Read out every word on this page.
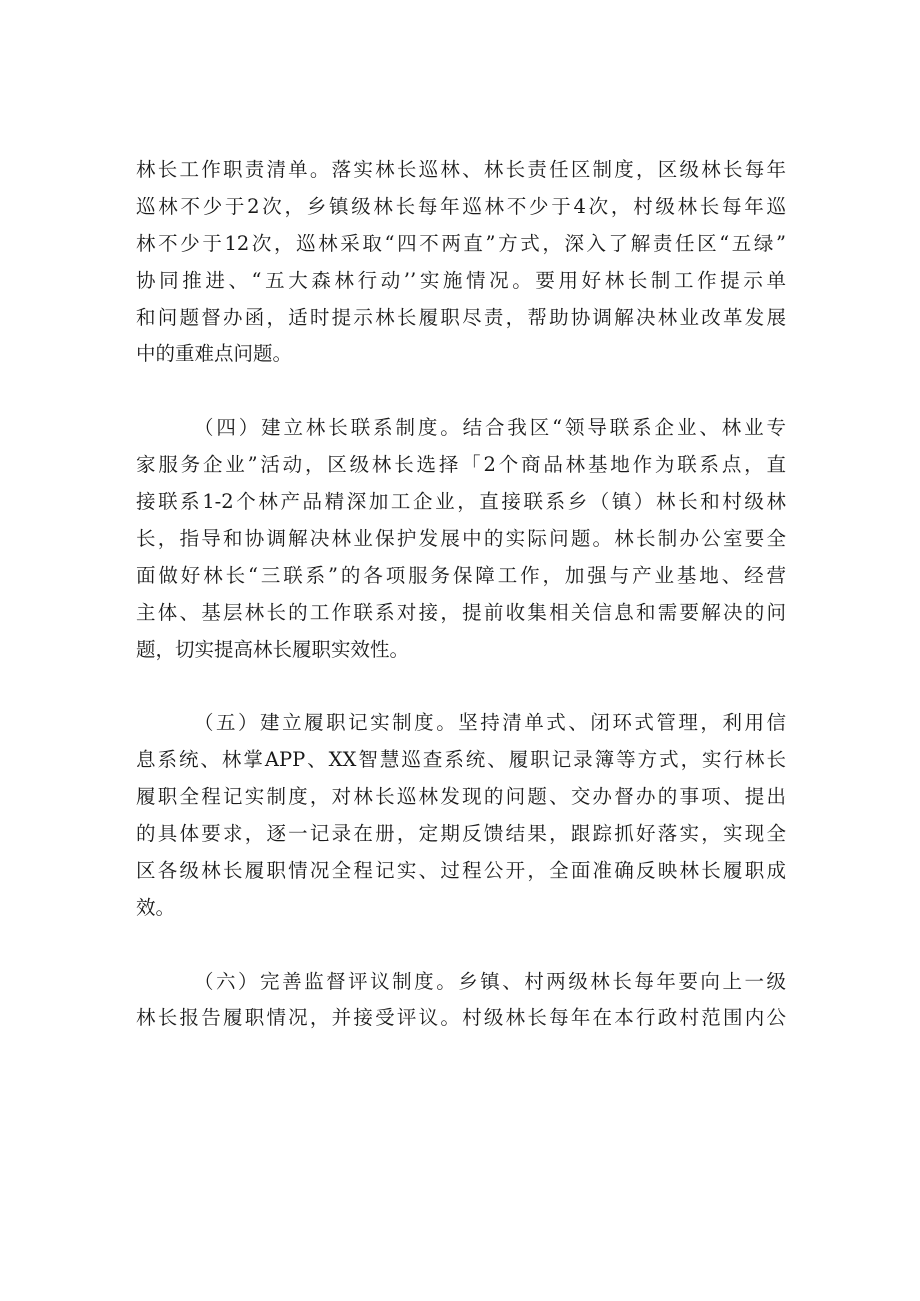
林长工作职责清单。落实林长巡林、林长责任区制度，区级林长每年
巡林不少于2次，乡镇级林长每年巡林不少于4次，村级林长每年巡
林不少于12次，巡林采取“四不两直”方式，深入了解责任区“五绿”
协同推进、“五大森林行动’’实施情况。要用好林长制工作提示单
和问题督办函，适时提示林长履职尽责，帮助协调解决林业改革发展
中的重难点问题。

（四）建立林长联系制度。结合我区“领导联系企业、林业专
家服务企业”活动，区级林长选择「2个商品林基地作为联系点，直
接联系1-2个林产品精深加工企业，直接联系乡（镇）林长和村级林
长，指导和协调解决林业保护发展中的实际问题。林长制办公室要全
面做好林长“三联系”的各项服务保障工作，加强与产业基地、经营
主体、基层林长的工作联系对接，提前收集相关信息和需要解决的问
题，切实提高林长履职实效性。

（五）建立履职记实制度。坚持清单式、闭环式管理，利用信
息系统、林掌APP、XX智慧巡查系统、履职记录簿等方式，实行林长
履职全程记实制度，对林长巡林发现的问题、交办督办的事项、提出
的具体要求，逐一记录在册，定期反馈结果，跟踪抓好落实，实现全
区各级林长履职情况全程记实、过程公开，全面准确反映林长履职成
效。

（六）完善监督评议制度。乡镇、村两级林长每年要向上一级
林长报告履职情况，并接受评议。村级林长每年在本行政村范围内公
